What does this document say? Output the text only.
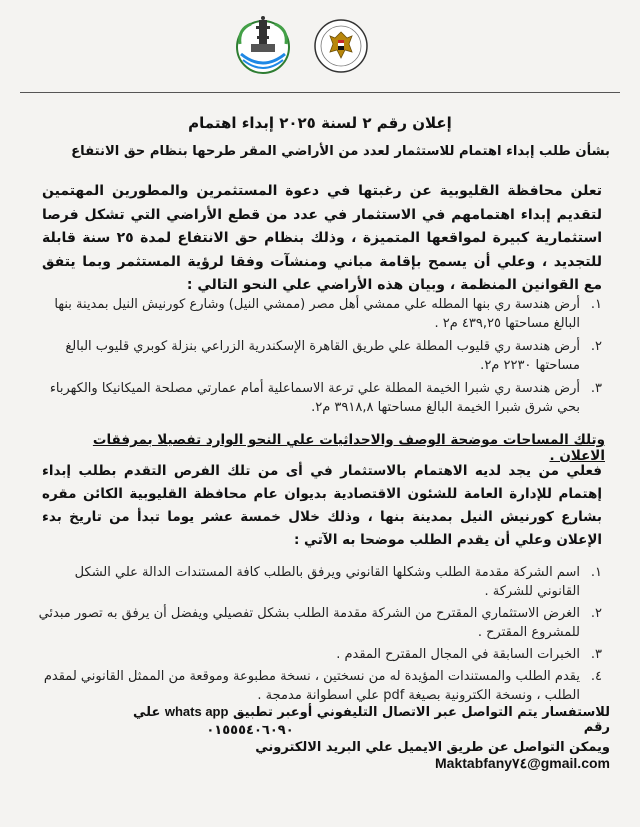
إعلان رقم ٢ لسنة ٢٠٢٥ إبداء اهتمام
بشأن طلب إبداء اهتمام للاستثمار لعدد من الأراضي المقر طرحها بنظام حق الانتفاع
تعلن محافظة القليوبية عن رغبتها في دعوة المستثمرين والمطورين المهتمين لتقديم إبداء اهتمامهم في الاستثمار في عدد من قطع الأراضي التي تشكل فرصا استثمارية كبيرة لمواقعها المتميزة ، وذلك بنظام حق الانتفاع لمدة ٢٥ سنة قابلة للتجديد ، وعلي أن يسمح بإقامة مباني ومنشآت وفقا لرؤية المستثمر وبما يتفق مع القوانين المنظمة ، وبيان هذه الأراضي علي النحو التالي :
١.
أرض هندسة ري بنها المطله علي ممشي أهل مصر (ممشي النيل) وشارع كورنيش النيل بمدينة بنها البالغ مساحتها ٤٣٩,٢٥ م٢ .
٢.
أرض هندسة ري قليوب المطلة علي طريق القاهرة الإسكندرية الزراعي بنزلة كوبري قليوب البالغ مساحتها ٢٢٣٠ م٢.
٣.
أرض هندسة ري شبرا الخيمة المطلة علي ترعة الاسماعلية أمام عمارتي مصلحة الميكانيكا والكهرباء بحي شرق شبرا الخيمة البالغ مساحتها ٣٩١٨,٨ م٢.
وتلك المساحات موضحة الوصف والاحداثيات علي النحو الوارد تفصيلا بمرفقات الاعلان .
فعلي من يجد لديه الاهتمام بالاستثمار في أى من تلك الفرص التقدم بطلب إبداء إهتمام للإدارة العامة للشئون الاقتصادية بديوان عام محافظة القليوبية الكائن مقره بشارع كورنيش النيل بمدينة بنها ، وذلك خلال خمسة عشر يوما تبدأ من تاريخ بدء الإعلان وعلي أن يقدم الطلب موضحا به الآتي :
١.
اسم الشركة مقدمة الطلب وشكلها القانوني ويرفق بالطلب كافة المستندات الدالة علي الشكل القانوني للشركة .
٢.
الغرض الاستثماري المقترح من الشركة مقدمة الطلب بشكل تفصيلي ويفضل أن يرفق به تصور مبدئي للمشروع المقترح .
٣.
الخبرات السابقة في المجال المقترح المقدم .
٤.
يقدم الطلب والمستندات المؤيدة له من نسختين ، نسخة مطبوعة وموقعة من الممثل القانوني لمقدم الطلب ، ونسخة الكترونية بصيغة pdf علي اسطوانة مدمجة .
للاستفسار يتم التواصل عبر الاتصال التليفوني أوعبر تطبيق whats app علي رقم
٠١٥٥٥٤٠٦٠٩٠
ويمكن التواصل عن طريق الايميل علي البريد الالكتروني     Maktabfany٧٤@gmail.com
